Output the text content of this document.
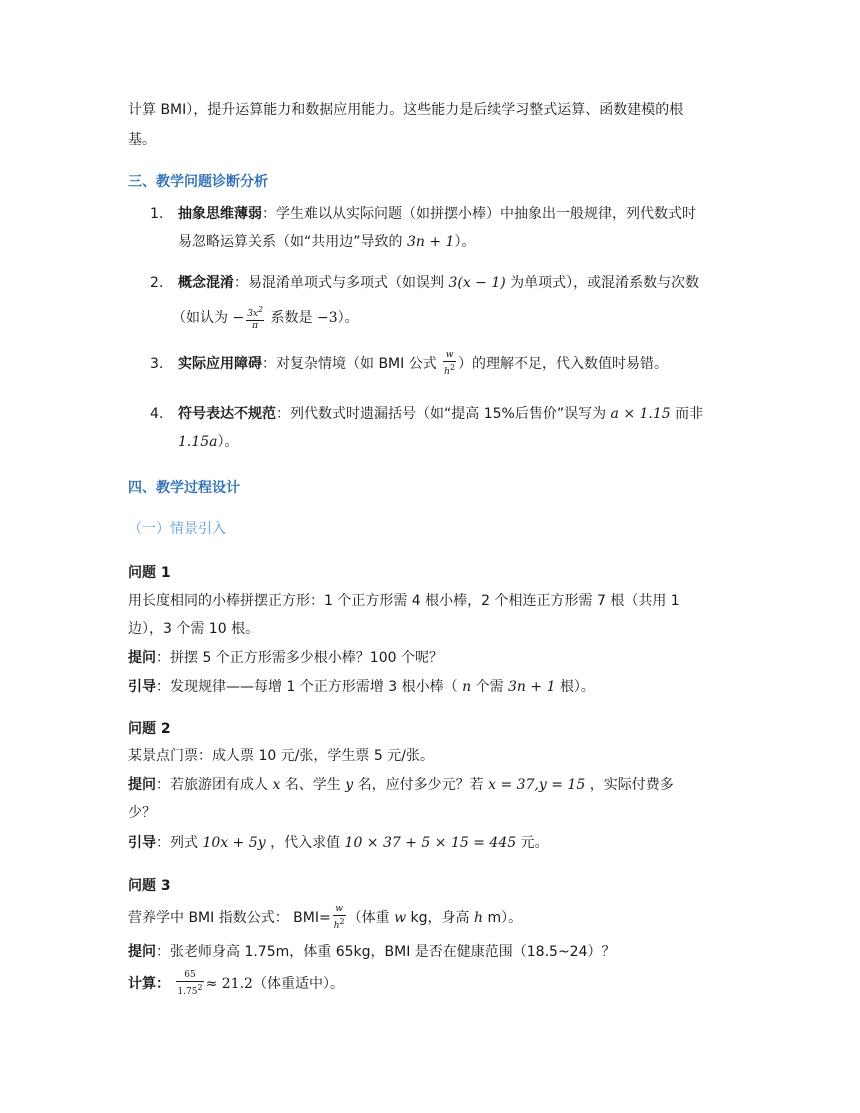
计算 BMI），提升运算能力和数据应用能力。这些能力是后续学习整式运算、函数建模的根
基。
三、教学问题诊断分析
1. 抽象思维薄弱：学生难以从实际问题（如拼摆小棒）中抽象出一般规律，列代数式时
易忽略运算关系（如“共用边”导致的 3n + 1）。
2. 概念混淆：易混淆单项式与多项式（如误判 3(x − 1) 为单项式），或混淆系数与次数
（如认为 − $\frac{3x^2}{\pi}$ 系数是 −3）。
3. 实际应用障碍：对复杂情境（如 BMI 公式 $\frac{w}{h^2}$ ）的理解不足，代入数值时易错。
4. 符号表达不规范：列代数式时遗漏括号（如“提高 15%后售价”误写为 a × 1.15 而非
1.15a）。
四、教学过程设计
（一）情景引入
问题 1
用长度相同的小棒拼摆正方形：1 个正方形需 4 根小棒，2 个相连正方形需 7 根（共用 1
边），3 个需 10 根。
提问：拼摆 5 个正方形需多少根小棒？100 个呢？
引导：发现规律——每增 1 个正方形需增 3 根小棒（ n 个需 3n + 1 根）。
问题 2
某景点门票：成人票 10 元/张，学生票 5 元/张。
提问：若旅游团有成人 x 名、学生 y 名，应付多少元？若 x = 37,y = 15 ，实际付费多
少？
引导：列式 10x + 5y ，代入求值 10 × 37 + 5 × 15 = 445 元。
问题 3
营养学中 BMI 指数公式： $BMI= \frac{w}{h^2}$ （体重 w kg，身高 h m）。
提问：张老师身高 1.75m，体重 65kg，BMI 是否在健康范围（18.5~24）？
计算： $\frac{65}{1.75^2} \approx 21.2$（体重适中）。
